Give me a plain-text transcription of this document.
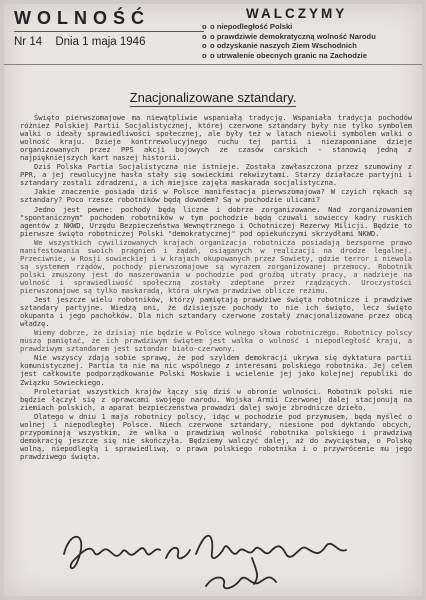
WOLNOŚĆ
Nr 14 Dnia 1 maja 1946
WALCZYMY
o o niepodległość Polski
o o prawdziwie demokratyczną wolność Narodu
o o odzyskanie naszych Ziem Wschodnich
o o utrwalenie obecnych granic na Zachodzie
Znacjonalizowane sztandary.

Święto pierwszomajowe ma niewątpliwie wspaniałą tradycję. Wspaniała tradycja pochodów różniez Polskiej Partii Socjalistycznej, której czerwone sztandary były nie tylko symbolem walki o ideały sprawiedliwości społecznej, ale były też w latach niewoli symbolem walki o wolność kraju. Dzieje kontrrewolucyjnego ruchu tej partii i niezapomniane dzieje organizowanych przez PPS akcji bojowych ze czasów carskich - stanowią jedną z najpiękniejszych kart naszej historii.

Dziś Polska Partia Socjalistyczna nie istnieje. Została zawłaszczona przez szumowiny z PPR, a jej rewolucyjne hasła stały się sowieckimi rekwizytami. Starzy działacze partyjni i sztandary zostali zdradzeni, a ich miejsce zajęła maskarada socjalistyczna.

Jakie znaczenie posiada dziś w Polsce manifestacja pierwszomajowa? W czyich rękach są sztandary? Poco rzesze robotników będą dowodem? Są w pochodzie ulicami?

Jedno jest pewne: pochody będą liczne i dobrze zorganizowane. Nad zorganizowaniem "spontanicznym" pochodem robotników w tym pochodzie będą czuwali sowieccy kadry ruskich agentów z NKWD, Urzędu Bezpieczeństwa Wewnętrznego i Ochotniczej Rezerwy Milicji. Będzie to pierwsze święto robotniczej Polski "demokratycznej" pod opiekuńczymi skrzydłami NKWD.

We wszystkich cywilizowanych krajach organizacja robotnicza posiadają bezsporne prawo manifestowania swoich pragnień i żądań, osiąganych w realizacji na drodze legalnej. Przeciwnie, w Rosji sowieckiej i w krajach okupowanych przez Sowiety, gdzie terror i niewola są systemem rządów, pochody pierwszomajowe są wyrazem zorganizowanej przemocy. Robotnik polski zmuszony jest do maszerowania w pochodzie pod groźbą utraty pracy, a nadzieje na wolność i sprawiedliwość społeczną zostały zdeptane przez rządzących. Uroczystości pierwszomajowe są tylko maskaradą, która ukrywa prawdziwe oblicze reżimu.

Jest jeszcze wielu robotników, którzy pamiętają prawdziwe święta robotnicze i prawdziwe sztandary partyjne. Wiedzą oni, że dzisiejsze pochody to nie ich święto, lecz święto okupanta i jego pachołków. Dla nich sztandary czerwone zostały znacjonalizowane przez obcą władzę.

Wiemy dobrze, że dzisiaj nie będzie w Polsce wolnego słowa robotniczego. Robotnicy polscy muszą pamiętać, że ich prawdziwym świętem jest walka o wolność i niepodległość kraju, a prawdziwym sztandarem jest sztandar biało-czerwony.

Nie wszyscy zdają sobie sprawę, że pod szyldem demokracji ukrywa się dyktatura partii komunistycznej. Partia ta nie ma nic wspólnego z interesami polskiego robotnika. Jej celem jest całkowite podporządkowanie Polski Moskwie i wcielenie jej jako kolejnej republiki do Związku Sowieckiego.

Proletariat wszystkich krajów łączy się dziś w obronie wolności. Robotnik polski nie będzie łączył się z oprawcami swojego narodu. Wojska Armii Czerwonej dalej stacjonują na ziemiach polskich, a aparat bezpieczeństwa prowadzi dalej swoje zbrodnicze dzieło.

Dlatego w dniu 1 maja robotnicy polscy, idąc w pochodzie pod przymusem, będą myśleć o wolnej i niepodległej Polsce. Niech czerwone sztandary, niesione pod dyktando obcych, przypominają wszystkim, że walka o prawdziwą wolność robotnika polskiego i prawdziwą demokrację jeszcze się nie skończyła. Będziemy walczyć dalej, aż do zwycięstwa, o Polskę wolną, niepodległą i sprawiedliwą, o prawa polskiego robotnika i o przywrócenie mu jego prawdziwego święta.
